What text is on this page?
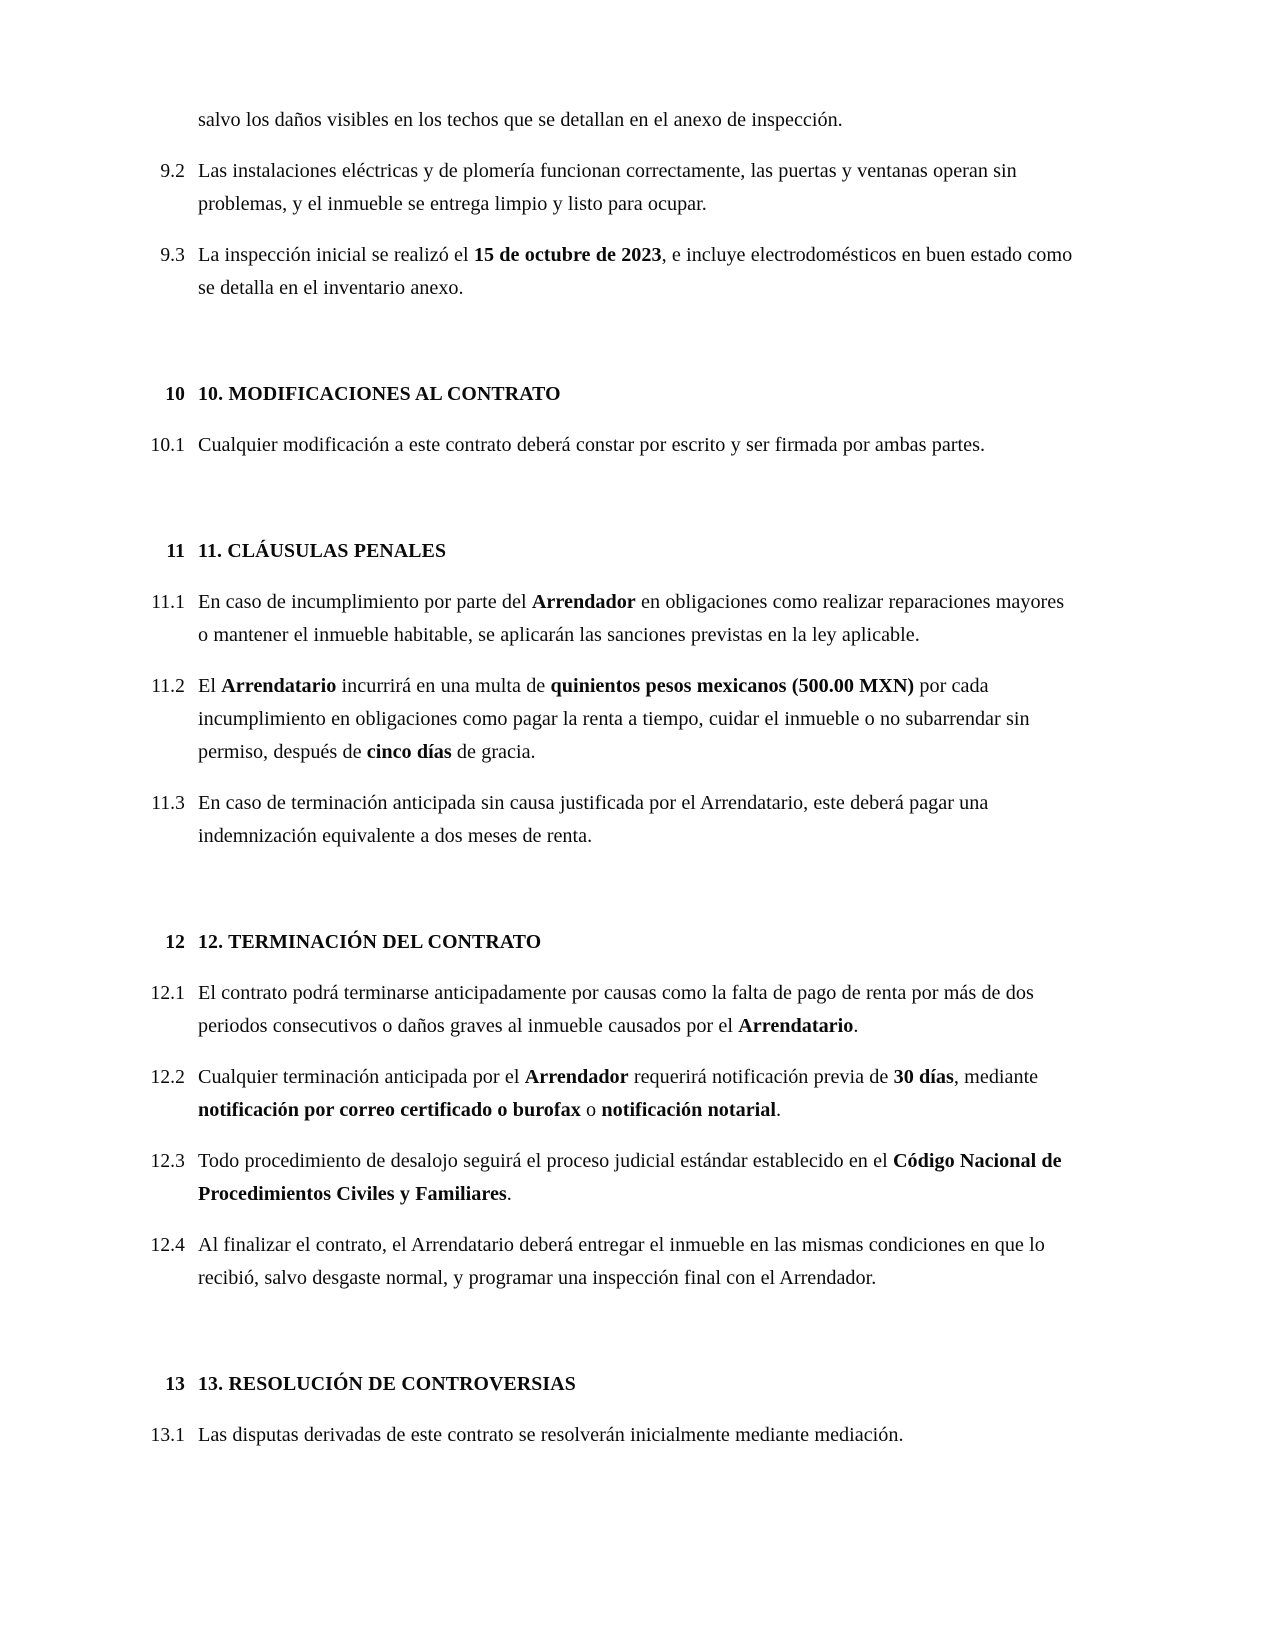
salvo los daños visibles en los techos que se detallan en el anexo de inspección.
9.2 Las instalaciones eléctricas y de plomería funcionan correctamente, las puertas y ventanas operan sin problemas, y el inmueble se entrega limpio y listo para ocupar.
9.3 La inspección inicial se realizó el 15 de octubre de 2023, e incluye electrodomésticos en buen estado como se detalla en el inventario anexo.
10 10. MODIFICACIONES AL CONTRATO
10.1 Cualquier modificación a este contrato deberá constar por escrito y ser firmada por ambas partes.
11 11. CLÁUSULAS PENALES
11.1 En caso de incumplimiento por parte del Arrendador en obligaciones como realizar reparaciones mayores o mantener el inmueble habitable, se aplicarán las sanciones previstas en la ley aplicable.
11.2 El Arrendatario incurrirá en una multa de quinientos pesos mexicanos (500.00 MXN) por cada incumplimiento en obligaciones como pagar la renta a tiempo, cuidar el inmueble o no subarrendar sin permiso, después de cinco días de gracia.
11.3 En caso de terminación anticipada sin causa justificada por el Arrendatario, este deberá pagar una indemnización equivalente a dos meses de renta.
12 12. TERMINACIÓN DEL CONTRATO
12.1 El contrato podrá terminarse anticipadamente por causas como la falta de pago de renta por más de dos periodos consecutivos o daños graves al inmueble causados por el Arrendatario.
12.2 Cualquier terminación anticipada por el Arrendador requerirá notificación previa de 30 días, mediante notificación por correo certificado o burofax o notificación notarial.
12.3 Todo procedimiento de desalojo seguirá el proceso judicial estándar establecido en el Código Nacional de Procedimientos Civiles y Familiares.
12.4 Al finalizar el contrato, el Arrendatario deberá entregar el inmueble en las mismas condiciones en que lo recibió, salvo desgaste normal, y programar una inspección final con el Arrendador.
13 13. RESOLUCIÓN DE CONTROVERSIAS
13.1 Las disputas derivadas de este contrato se resolverán inicialmente mediante mediación.
